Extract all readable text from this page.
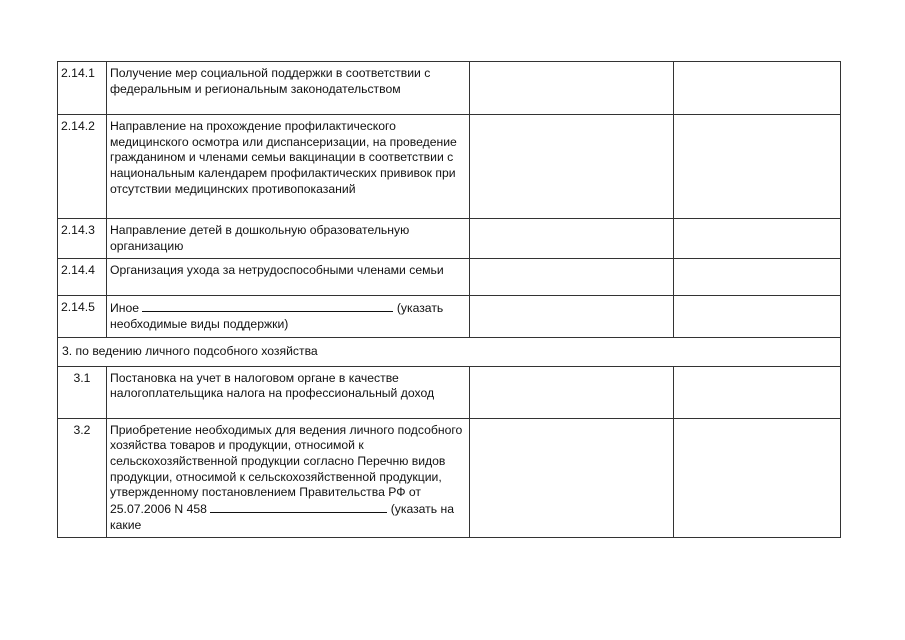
2.14.1	Получение мер социальной поддержки в соответствии с федеральным и региональным законодательством		
2.14.2	Направление на прохождение профилактического медицинского осмотра или диспансеризации, на проведение гражданином и членами семьи вакцинации в соответствии с национальным календарем профилактических прививок при отсутствии медицинских противопоказаний		
2.14.3	Направление детей в дошкольную образовательную организацию		
2.14.4	Организация ухода за нетрудоспособными членами семьи		
2.14.5	Иное (указать необходимые виды поддержки)		
3. по ведению личного подсобного хозяйства			
3.1	Постановка на учет в налоговом органе в качестве налогоплательщика налога на профессиональный доход		
3.2	Приобретение необходимых для ведения личного подсобного хозяйства товаров и продукции, относимой к сельскохозяйственной продукции согласно Перечню видов продукции, относимой к сельскохозяйственной продукции, утвержденному постановлением Правительства РФ от 25.07.2006 N 458 (указать на какие		
